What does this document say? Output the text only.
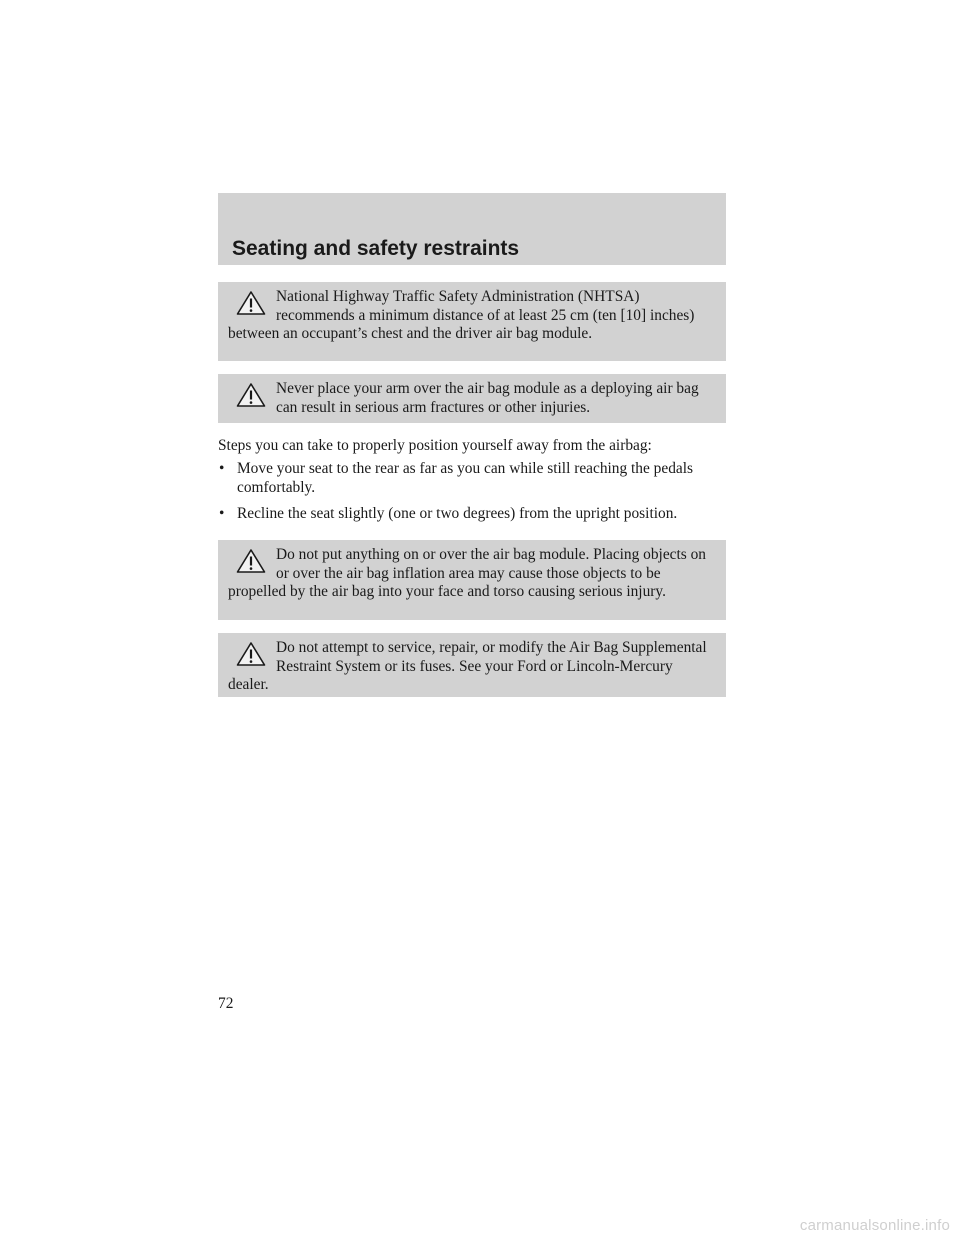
Seating and safety restraints

National Highway Traffic Safety Administration (NHTSA) recommends a minimum distance of at least 25 cm (ten [10] inches) between an occupant’s chest and the driver air bag module.

Never place your arm over the air bag module as a deploying air bag can result in serious arm fractures or other injuries.

Steps you can take to properly position yourself away from the airbag:

• Move your seat to the rear as far as you can while still reaching the pedals comfortably.
• Recline the seat slightly (one or two degrees) from the upright position.

Do not put anything on or over the air bag module. Placing objects on or over the air bag inflation area may cause those objects to be propelled by the air bag into your face and torso causing serious injury.

Do not attempt to service, repair, or modify the Air Bag Supplemental Restraint System or its fuses. See your Ford or Lincoln-Mercury dealer.

72

carmanualsonline.info
